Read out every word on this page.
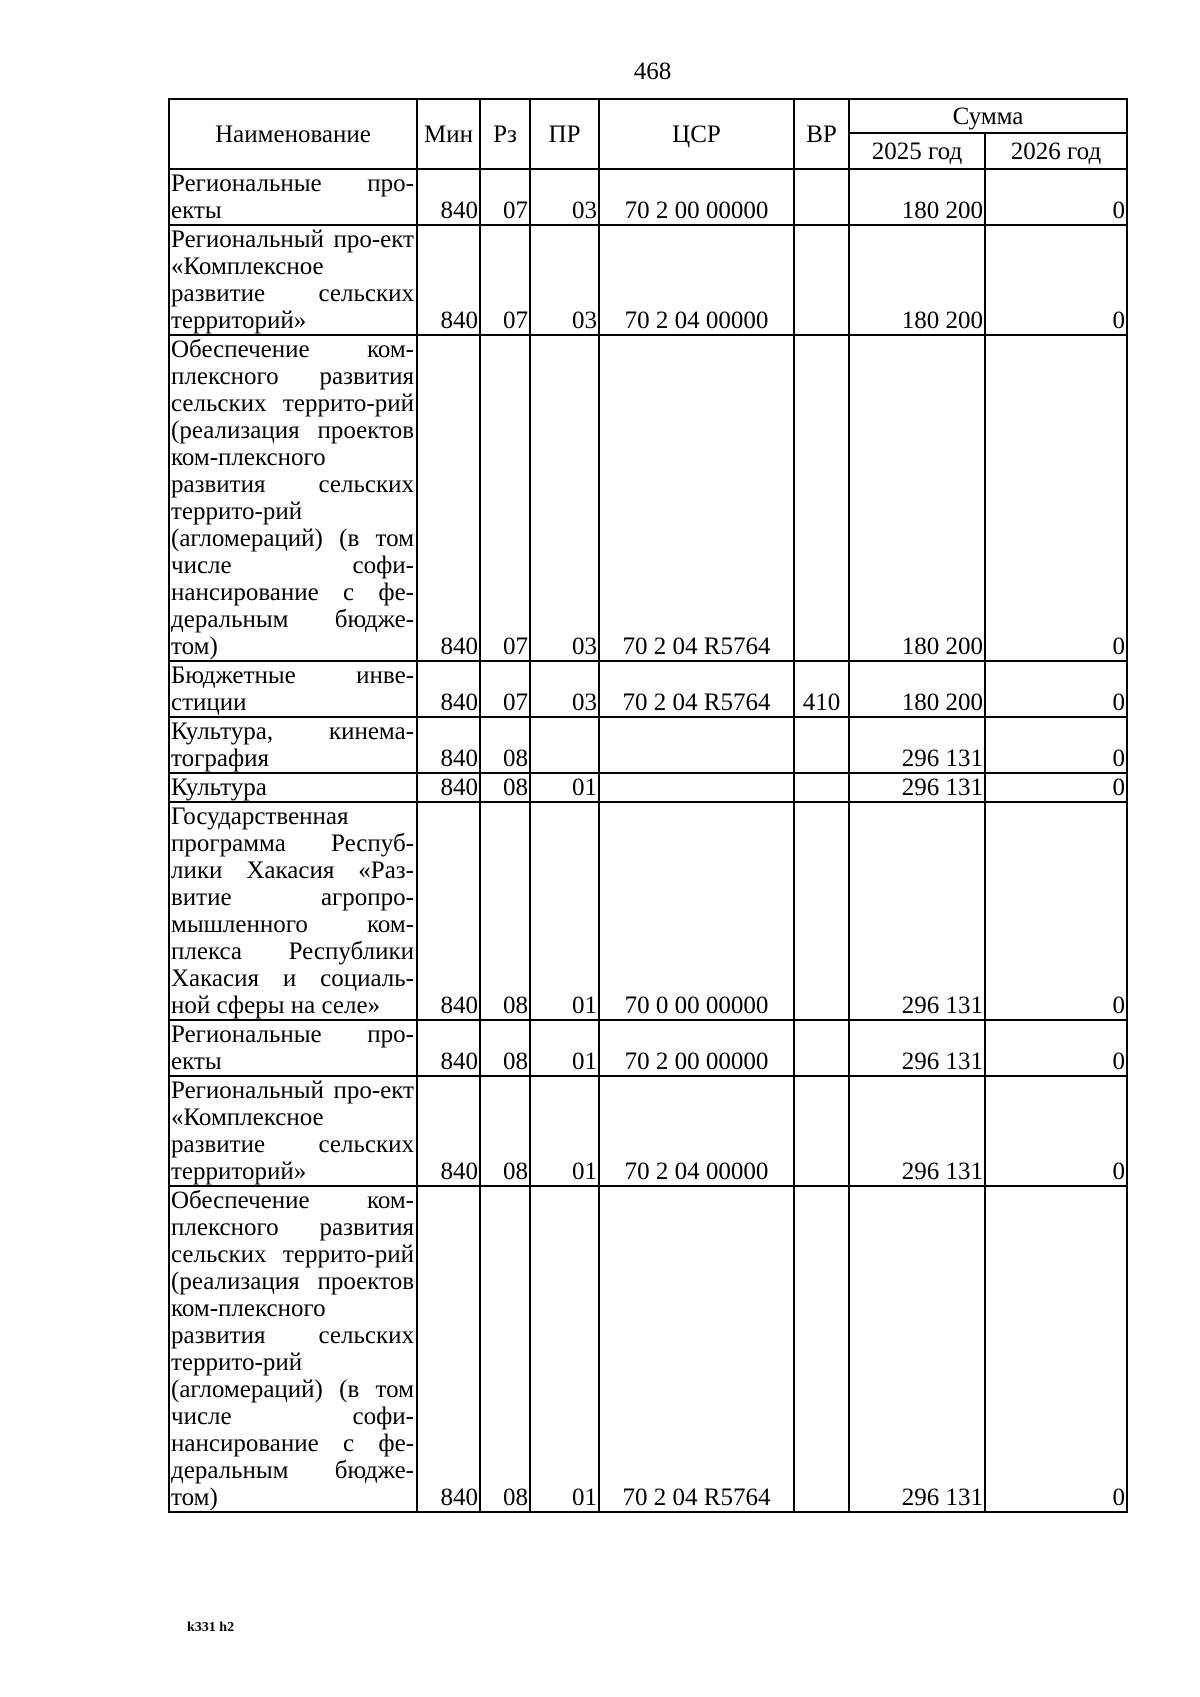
468
Наименование	Мин	Рз	ПР	ЦСР	ВР	Сумма	
						2025 год	2026 год
Региональные про-екты	840	07	03	70 2 00 00000		180 200	0
Региональный про-ект «Комплексное развитие сельских территорий»	840	07	03	70 2 04 00000		180 200	0
Обеспечение ком-плексного развития сельских террито-рий (реализация проектов ком-плексного развития сельских террито-рий (агломераций) (в том числе софи-нансирование с фе-деральным бюдже-том)	840	07	03	70 2 04 R5764		180 200	0
Бюджетные инве-стиции	840	07	03	70 2 04 R5764	410	180 200	0
Культура, кинема-тография	840	08				296 131	0
Культура	840	08	01			296 131	0
Государственная программа Респуб-лики Хакасия «Раз-витие агропро-мышленного ком-плекса Республики Хакасия и социаль-ной сферы на селе»	840	08	01	70 0 00 00000		296 131	0
Региональные про-екты	840	08	01	70 2 00 00000		296 131	0
Региональный про-ект «Комплексное развитие сельских территорий»	840	08	01	70 2 04 00000		296 131	0
Обеспечение ком-плексного развития сельских террито-рий (реализация проектов ком-плексного развития сельских террито-рий (агломераций) (в том числе софи-нансирование с фе-деральным бюдже-том)	840	08	01	70 2 04 R5764		296 131	0
k331 h2
